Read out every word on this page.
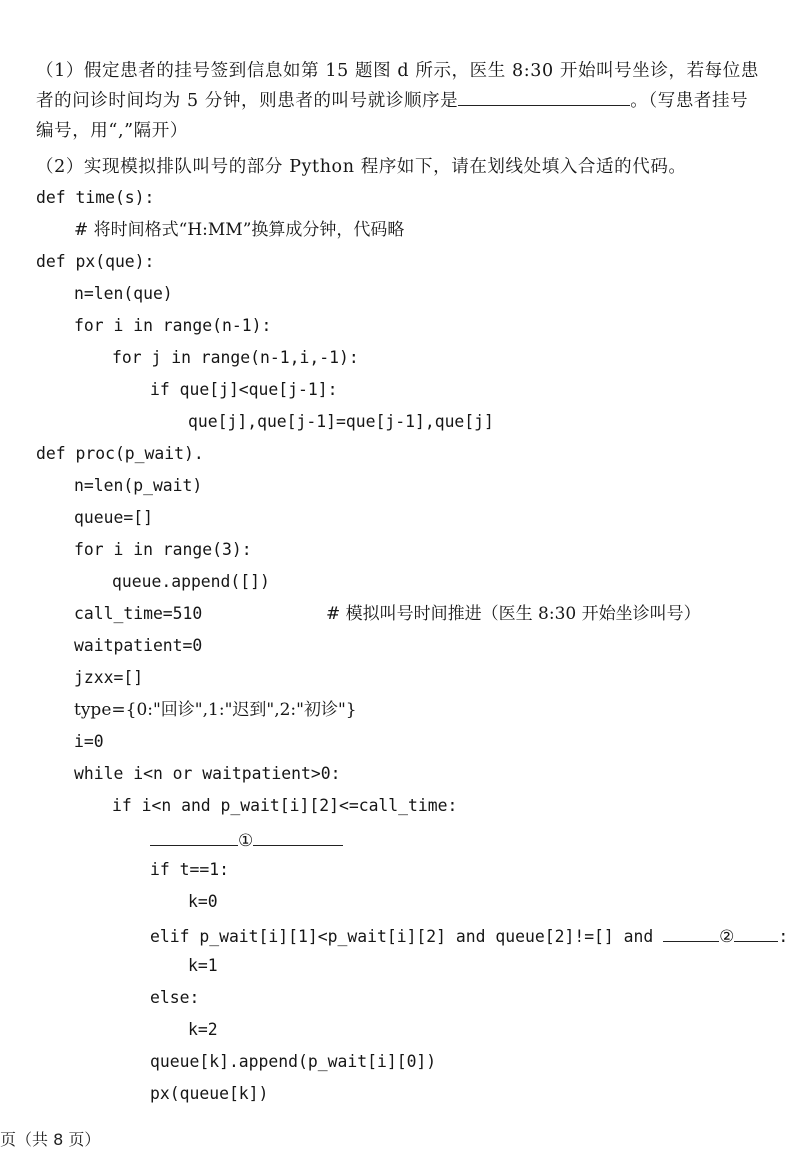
（1）假定患者的挂号签到信息如第 15 题图 d 所示，医生 8:30 开始叫号坐诊，若每位患者的问诊时间均为 5 分钟，则患者的叫号就诊顺序是	。（写患者挂号编号，用“,”隔开）
（2）实现模拟排队叫号的部分 Python 程序如下，请在划线处填入合适的代码。
def time(s):
# 将时间格式“H:MM”换算成分钟，代码略
def px(que):
n=len(que)
for i in range(n-1):
for j in range(n-1,i,-1):
if que[j]<que[j-1]:
que[j],que[j-1]=que[j-1],que[j]
def proc(p_wait).
n=len(p_wait)
queue=[]
for i in range(3):
queue.append([])
call_time=510	# 模拟叫号时间推进（医生 8:30 开始坐诊叫号）
waitpatient=0
jzxx=[]
type={0:"回诊",1:"迟到",2:"初诊"}
i=0
while i<n or waitpatient>0:
if i<n and p_wait[i][2]<=call_time:
①
if t==1:
k=0
elif p_wait[i][1]<p_wait[i][2] and queue[2]!=[] and	②	:
k=1
else:
k=2
queue[k].append(p_wait[i][0])
px(queue[k])
页（共 8 页）
